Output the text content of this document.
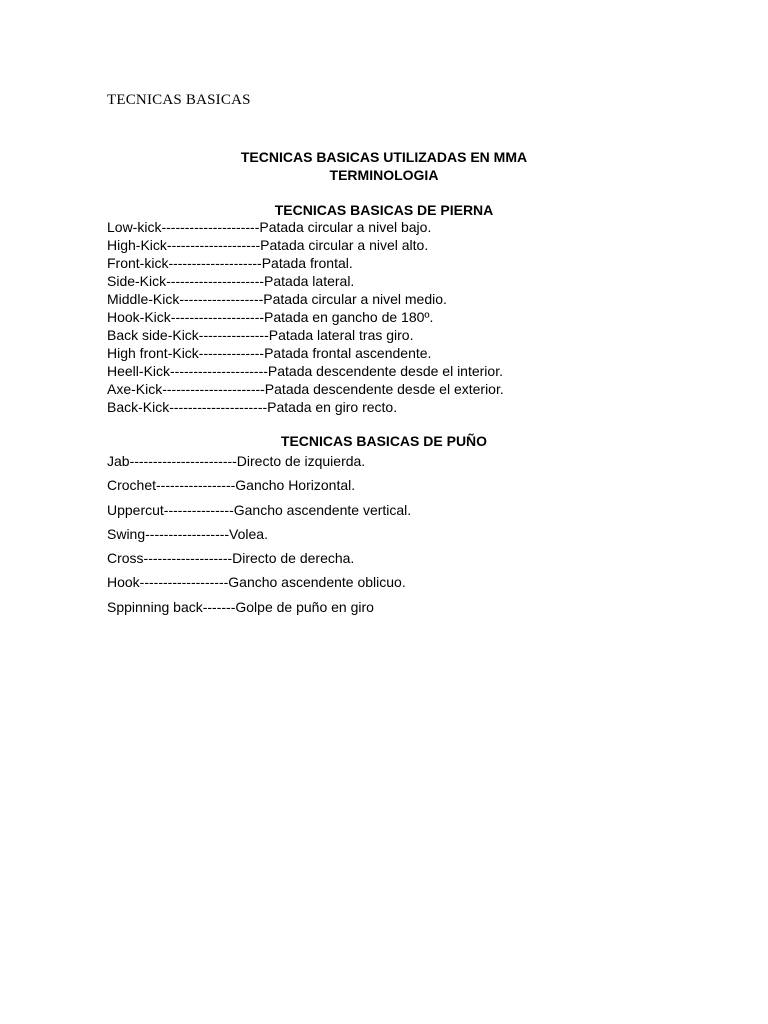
TECNICAS BASICAS
TECNICAS BASICAS UTILIZADAS EN MMA
TERMINOLOGIA
TECNICAS BASICAS DE PIERNA
Low-kick---------------------Patada circular a nivel bajo.
High-Kick--------------------Patada circular a nivel alto.
Front-kick--------------------Patada frontal.
Side-Kick---------------------Patada lateral.
Middle-Kick------------------Patada circular a nivel medio.
Hook-Kick--------------------Patada en gancho de 180º.
Back side-Kick---------------Patada lateral tras giro.
High front-Kick--------------Patada frontal ascendente.
Heell-Kick---------------------Patada descendente desde el interior.
Axe-Kick----------------------Patada descendente desde el exterior.
Back-Kick---------------------Patada en giro recto.
TECNICAS BASICAS DE PUÑO
Jab-----------------------Directo de izquierda.
Crochet-----------------Gancho Horizontal.
Uppercut---------------Gancho ascendente vertical.
Swing------------------Volea.
Cross-------------------Directo de derecha.
Hook-------------------Gancho ascendente oblicuo.
Sppinning back-------Golpe de puño en giro
